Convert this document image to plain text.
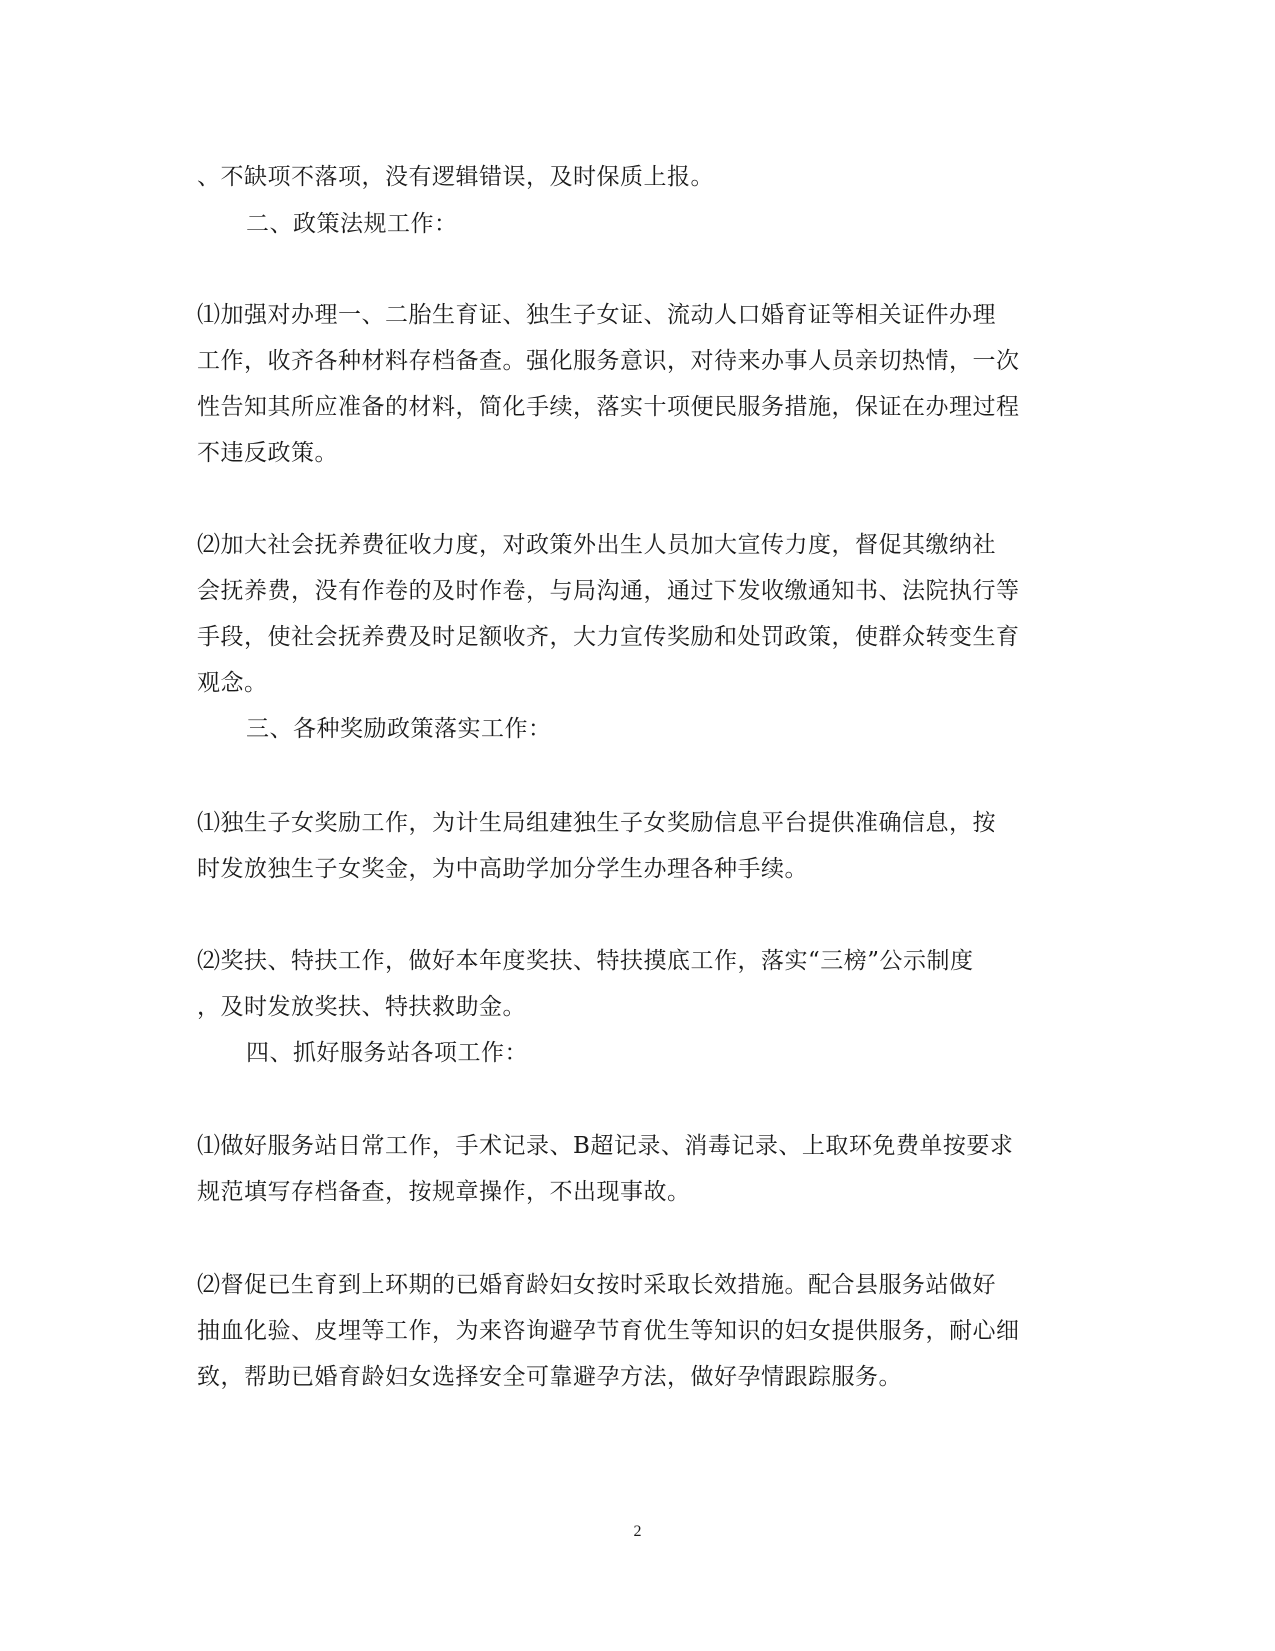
、不缺项不落项，没有逻辑错误，及时保质上报。
二、政策法规工作：
⑴加强对办理一、二胎生育证、独生子女证、流动人口婚育证等相关证件办理
工作，收齐各种材料存档备查。强化服务意识，对待来办事人员亲切热情，一次
性告知其所应准备的材料，简化手续，落实十项便民服务措施，保证在办理过程
不违反政策。
⑵加大社会抚养费征收力度，对政策外出生人员加大宣传力度，督促其缴纳社
会抚养费，没有作卷的及时作卷，与局沟通，通过下发收缴通知书、法院执行等
手段，使社会抚养费及时足额收齐，大力宣传奖励和处罚政策，使群众转变生育
观念。
三、各种奖励政策落实工作：
⑴独生子女奖励工作，为计生局组建独生子女奖励信息平台提供准确信息，按
时发放独生子女奖金，为中高助学加分学生办理各种手续。
⑵奖扶、特扶工作，做好本年度奖扶、特扶摸底工作，落实“三榜”公示制度
，及时发放奖扶、特扶救助金。
四、抓好服务站各项工作：
⑴做好服务站日常工作，手术记录、B超记录、消毒记录、上取环免费单按要求
规范填写存档备查，按规章操作，不出现事故。
⑵督促已生育到上环期的已婚育龄妇女按时采取长效措施。配合县服务站做好
抽血化验、皮埋等工作，为来咨询避孕节育优生等知识的妇女提供服务，耐心细
致，帮助已婚育龄妇女选择安全可靠避孕方法，做好孕情跟踪服务。
2
